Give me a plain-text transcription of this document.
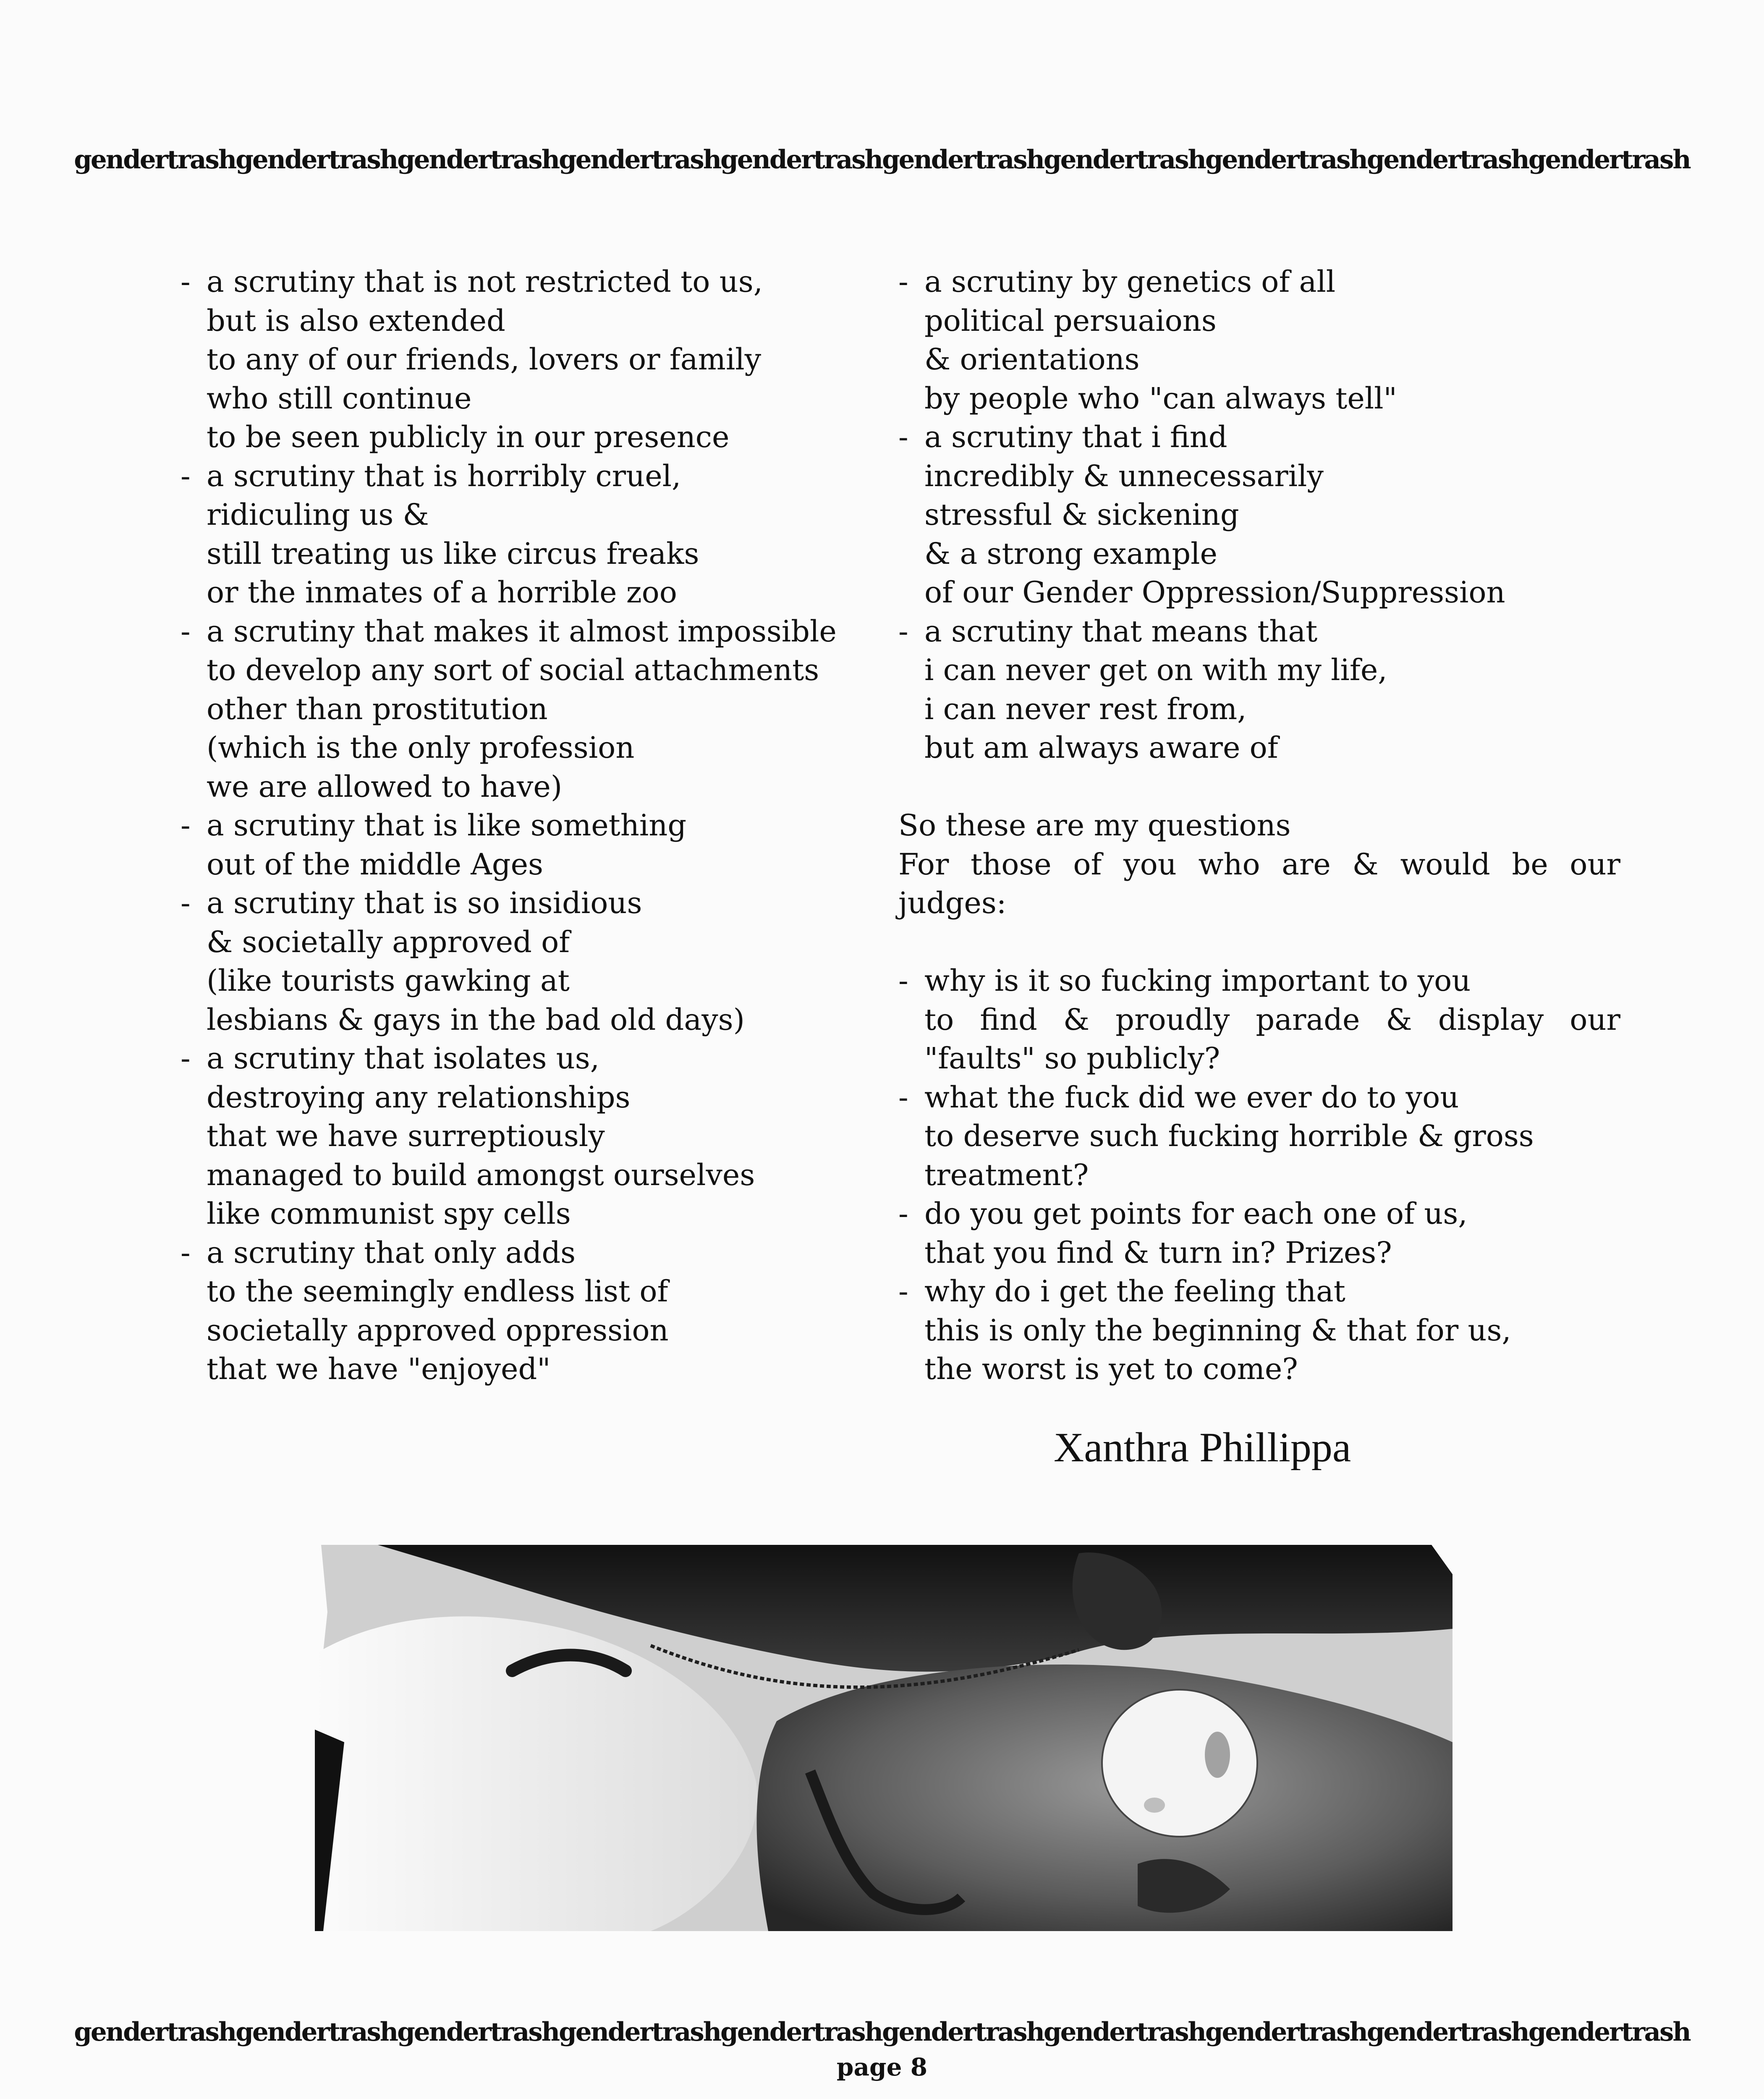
gendertrashgendertrashgendertrashgendertrashgendertrashgendertrashgendertrashgendertrashgendertrashgendertrash
- a scrutiny that is not restricted to us,
but is also extended
to any of our friends, lovers or family
who still continue
to be seen publicly in our presence
- a scrutiny that is horribly cruel,
ridiculing us &
still treating us like circus freaks
or the inmates of a horrible zoo
- a scrutiny that makes it almost impossible
to develop any sort of social attachments
other than prostitution
(which is the only profession
we are allowed to have)
- a scrutiny that is like something
out of the middle Ages
- a scrutiny that is so insidious
& societally approved of
(like tourists gawking at
lesbians & gays in the bad old days)
- a scrutiny that isolates us,
destroying any relationships
that we have surreptiously
managed to build amongst ourselves
like communist spy cells
- a scrutiny that only adds
to the seemingly endless list of
societally approved oppression
that we have "enjoyed"
- a scrutiny by genetics of all
political persuaions
& orientations
by people who "can always tell"
- a scrutiny that i find
incredibly & unnecessarily
stressful & sickening
& a strong example
of our Gender Oppression/Suppression
- a scrutiny that means that
i can never get on with my life,
i can never rest from,
but am always aware of
So these are my questions
For those of you who are & would be our
judges:
- why is it so fucking important to you
to find & proudly parade & display our
"faults" so publicly?
- what the fuck did we ever do to you
to deserve such fucking horrible & gross
treatment?
- do you get points for each one of us,
that you find & turn in? Prizes?
- why do i get the feeling that
this is only the beginning & that for us,
the worst is yet to come?
Xanthra Phillippa
gendertrashgendertrashgendertrashgendertrashgendertrashgendertrashgendertrashgendertrashgendertrashgendertrash
page 8
